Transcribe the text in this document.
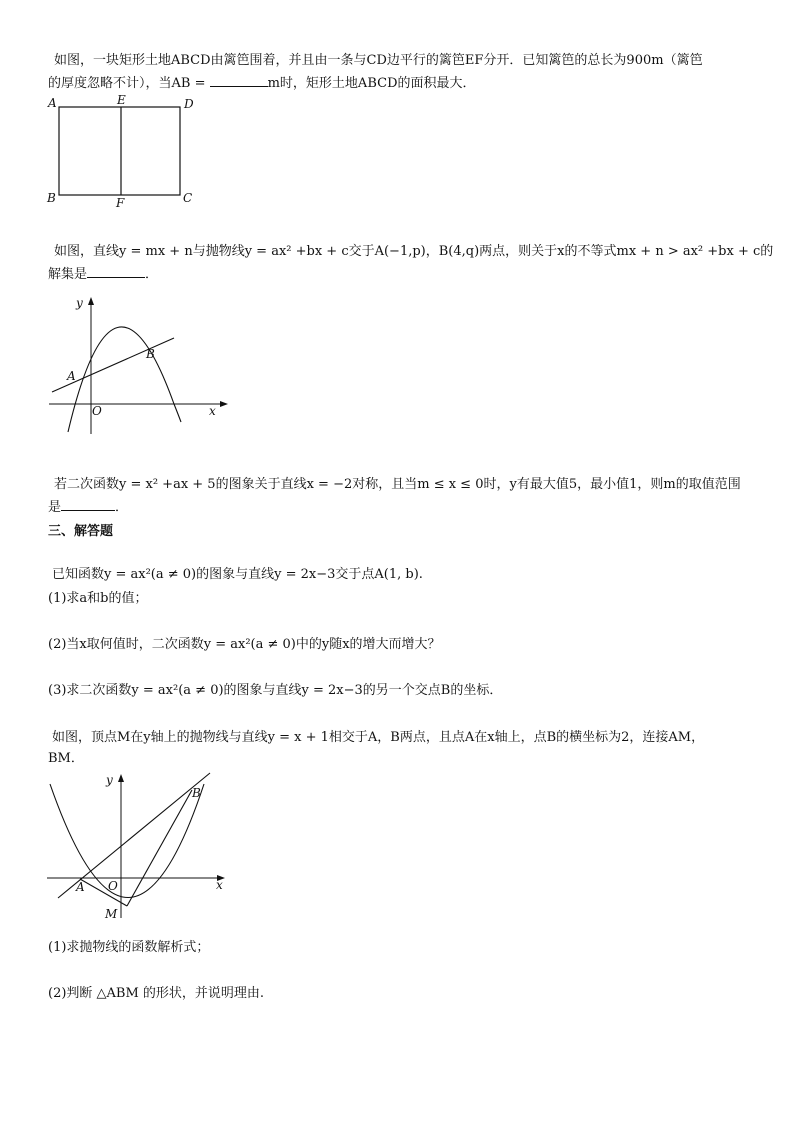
如图，一块矩形土地ABCD由篱笆围着，并且由一条与CD边平行的篱笆EF分开．已知篱笆的总长为900m（篱笆
的厚度忽略不计），当AB =	m时，矩形土地ABCD的面积最大．
A	E	D
B	F	C
如图，直线y = mx + n与抛物线y = ax² +bx + c交于A(−1,p)，B(4,q)两点，则关于x的不等式mx + n > ax² +bx + c的
解集是	．
y
x
O
A
B
若二次函数y = x² +ax + 5的图象关于直线x = −2对称，且当m ≤ x ≤ 0时，y有最大值5，最小值1，则m的取值范围
是	．
三、解答题
已知函数y = ax²(a ≠ 0)的图象与直线y = 2x−3交于点A(1, b).
(1)求a和b的值；
(2)当x取何值时，二次函数y = ax²(a ≠ 0)中的y随x的增大而增大？
(3)求二次函数y = ax²(a ≠ 0)的图象与直线y = 2x−3的另一个交点B的坐标．
如图，顶点M在y轴上的抛物线与直线y = x + 1相交于A，B两点，且点A在x轴上，点B的横坐标为2，连接AM，
BM．
y
x
O
A
B
M
(1)求抛物线的函数解析式；
(2)判断 △ABM 的形状，并说明理由.
